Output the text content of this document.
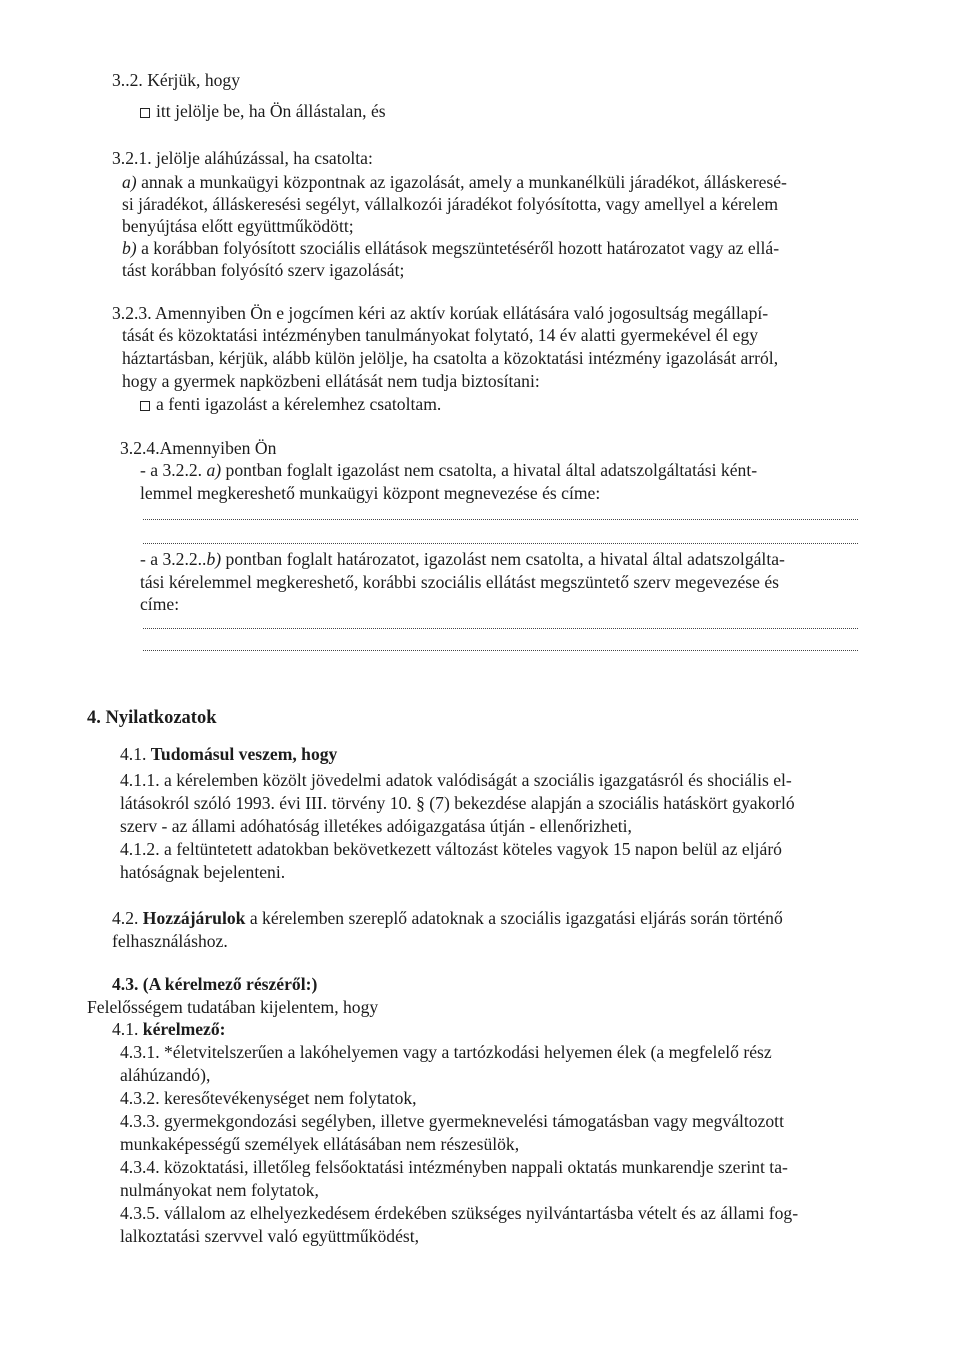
3..2. Kérjük, hogy
itt jelölje be, ha Ön állástalan, és
3.2.1. jelölje aláhúzással, ha csatolta:
a) annak a munkaügyi központnak az igazolását, amely a munkanélküli járadékot, álláskeresé-
si járadékot, álláskeresési segélyt, vállalkozói járadékot folyósította, vagy amellyel a kérelem
benyújtása előtt együttműködött;
b) a korábban folyósított szociális ellátások megszüntetéséről hozott határozatot vagy az ellá-
tást korábban folyósító szerv igazolását;
3.2.3. Amennyiben Ön e jogcímen kéri az aktív korúak ellátására való jogosultság megállapí-
tását és közoktatási intézményben tanulmányokat folytató, 14 év alatti gyermekével él egy
háztartásban, kérjük, alább külön jelölje, ha csatolta a közoktatási intézmény igazolását arról,
hogy a gyermek napközbeni ellátását nem tudja biztosítani:
a fenti igazolást a kérelemhez csatoltam.
3.2.4.Amennyiben Ön
- a 3.2.2. a) pontban foglalt igazolást nem csatolta, a hivatal által adatszolgáltatási ként-
lemmel megkereshető munkaügyi központ megnevezése és címe:
- a 3.2.2..b) pontban foglalt határozatot, igazolást nem csatolta, a hivatal által adatszolgálta-
tási kérelemmel megkereshető, korábbi szociális ellátást megszüntető szerv megevezése és
címe:
4. Nyilatkozatok
4.1. Tudomásul veszem, hogy
4.1.1. a kérelemben közölt jövedelmi adatok valódiságát a szociális igazgatásról és shociális el-
látásokról szóló 1993. évi III. törvény 10. § (7) bekezdése alapján a szociális hatáskört gyakorló
szerv - az állami adóhatóság illetékes adóigazgatása útján - ellenőrizheti,
4.1.2. a feltüntetett adatokban bekövetkezett változást köteles vagyok 15 napon belül az eljáró
hatóságnak bejelenteni.
4.2. Hozzájárulok a kérelemben szereplő adatoknak a szociális igazgatási eljárás során történő
felhasználáshoz.
4.3. (A kérelmező részéről:)
Felelősségem tudatában kijelentem, hogy
4.1. kérelmező:
4.3.1. *életvitelszerűen a lakóhelyemen vagy a tartózkodási helyemen élek (a megfelelő rész
aláhúzandó),
4.3.2. keresőtevékenységet nem folytatok,
4.3.3. gyermekgondozási segélyben, illetve gyermeknevelési támogatásban vagy megváltozott
munkaképességű személyek ellátásában nem részesülök,
4.3.4. közoktatási, illetőleg felsőoktatási intézményben nappali oktatás munkarendje szerint ta-
nulmányokat nem folytatok,
4.3.5. vállalom az elhelyezkedésem érdekében szükséges nyilvántartásba vételt és az állami fog-
lalkoztatási szervvel való együttműködést,
